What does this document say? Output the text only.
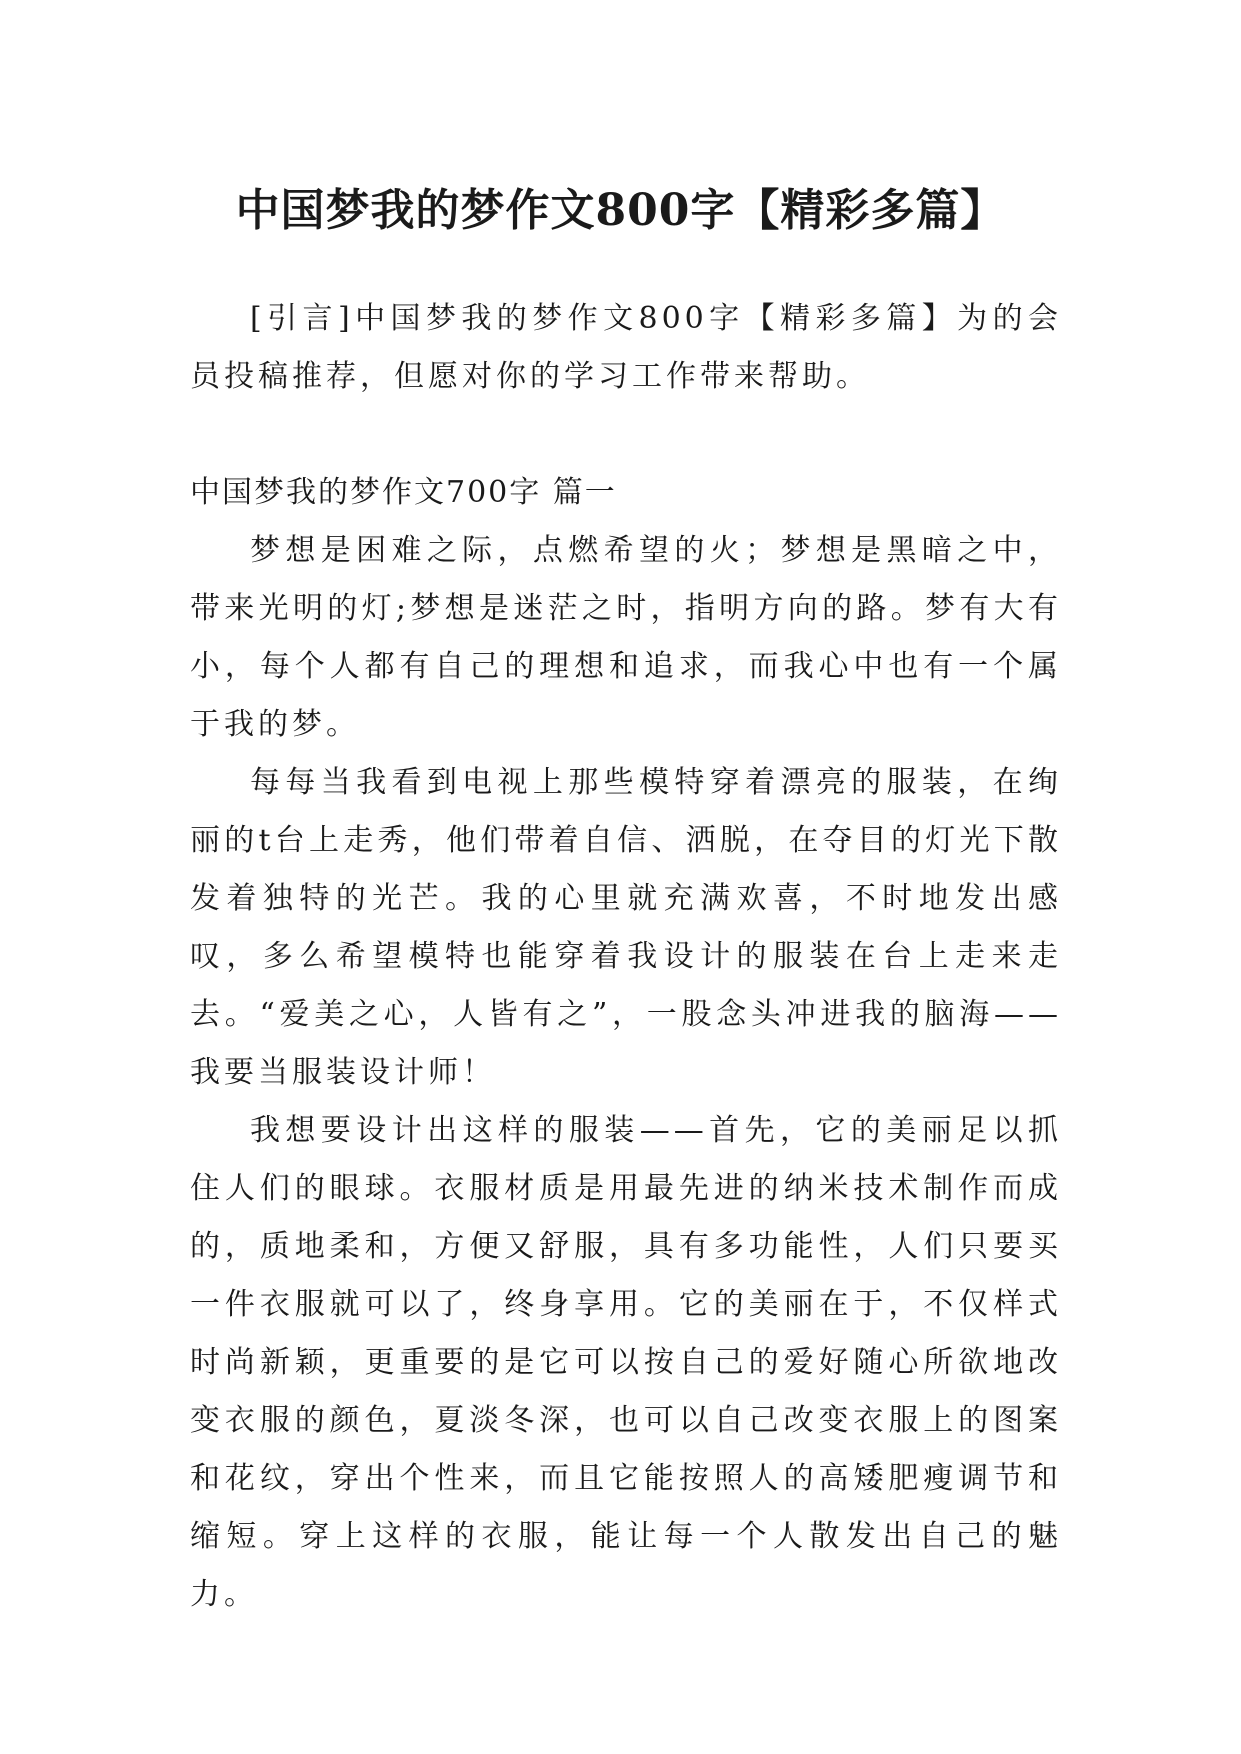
中国梦我的梦作文800字【精彩多篇】

[引言]中国梦我的梦作文800字【精彩多篇】为的会员投稿推荐，但愿对你的学习工作带来帮助。

中国梦我的梦作文700字 篇一

梦想是困难之际，点燃希望的火；梦想是黑暗之中，带来光明的灯;梦想是迷茫之时，指明方向的路。梦有大有小，每个人都有自己的理想和追求，而我心中也有一个属于我的梦。

每每当我看到电视上那些模特穿着漂亮的服装，在绚丽的t台上走秀，他们带着自信、洒脱，在夺目的灯光下散发着独特的光芒。我的心里就充满欢喜，不时地发出感叹，多么希望模特也能穿着我设计的服装在台上走来走去。“爱美之心，人皆有之”，一股念头冲进我的脑海——我要当服装设计师！

我想要设计出这样的服装——首先，它的美丽足以抓住人们的眼球。衣服材质是用最先进的纳米技术制作而成的，质地柔和，方便又舒服，具有多功能性，人们只要买一件衣服就可以了，终身享用。它的美丽在于，不仅样式时尚新颖，更重要的是它可以按自己的爱好随心所欲地改变衣服的颜色，夏淡冬深，也可以自己改变衣服上的图案和花纹，穿出个性来，而且它能按照人的高矮肥瘦调节和缩短。穿上这样的衣服，能让每一个人散发出自己的魅力。
